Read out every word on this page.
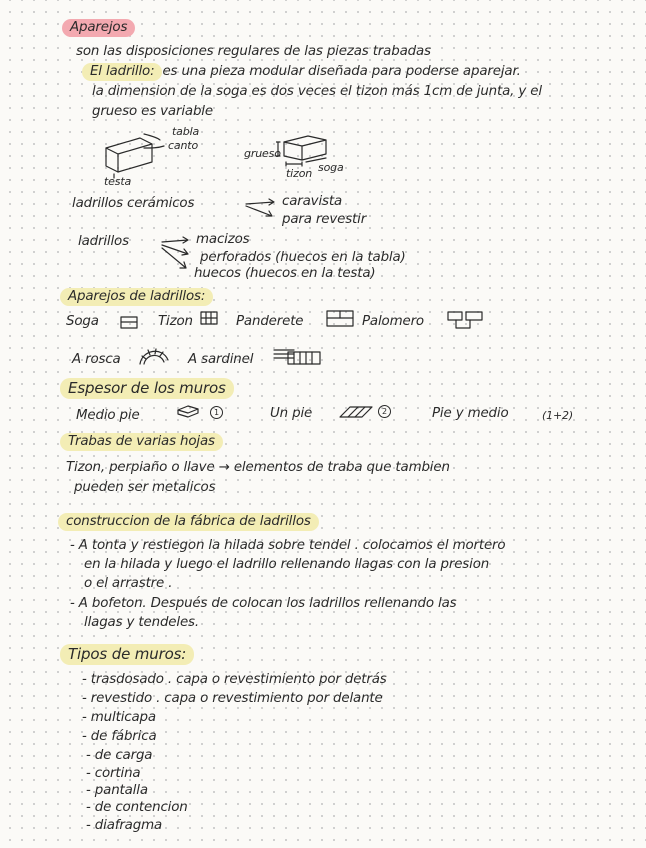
Aparejos
son las disposiciones regulares de las piezas trabadas
El ladrillo: es una pieza modular diseñada para poderse aparejar.
la dimension de la soga es dos veces el tizon más 1cm de junta, y el
grueso es variable
tabla
canto
testa
grueso
soga
tizon
ladrillos cerámicos	caravista
para revestir
ladrillos	macizos
perforados (huecos en la tabla)
huecos (huecos en la testa)
Aparejos de ladrillos:
Soga	Tizon	Panderete	Palomero
A rosca	A sardinel
Espesor de los muros
Medio pie	1	Un pie	2	Pie y medio	(1+2)
Trabas de varias hojas
Tizon, perpiaño o llave → elementos de traba que tambien
pueden ser metalicos
construccion de la fábrica de ladrillos
- A tonta y restiegon la hilada sobre tendel . colocamos el mortero
en la hilada y luego el ladrillo rellenando llagas con la presion
o el arrastre .
- A bofeton. Después de colocan los ladrillos rellenando las
llagas y tendeles.
Tipos de muros:
- trasdosado . capa o revestimiento por detrás
- revestido . capa o revestimiento por delante
- multicapa
- de fábrica
- de carga
- cortina
- pantalla
- de contencion
- diafragma
